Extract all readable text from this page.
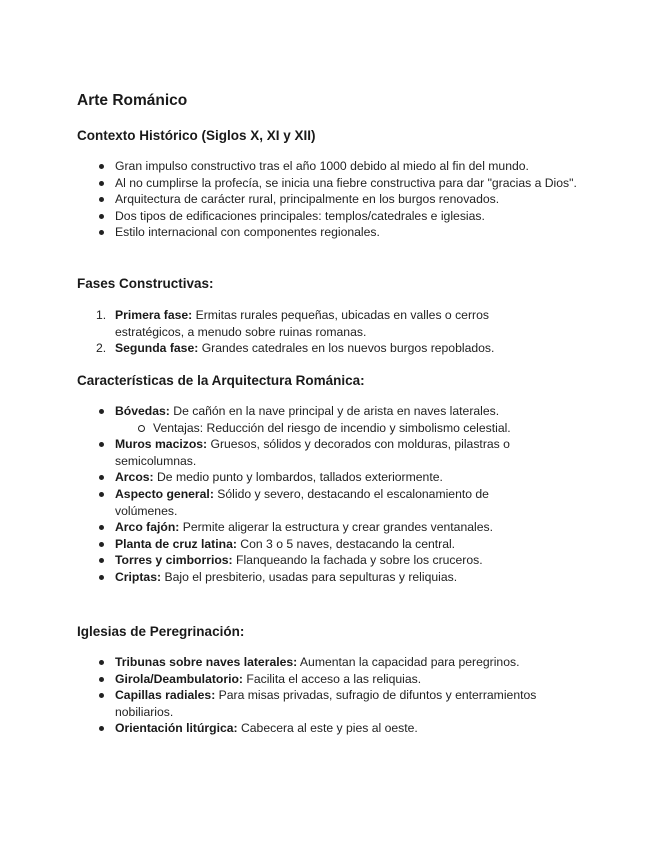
Arte Románico
Contexto Histórico (Siglos X, XI y XII)
Gran impulso constructivo tras el año 1000 debido al miedo al fin del mundo.
Al no cumplirse la profecía, se inicia una fiebre constructiva para dar "gracias a Dios".
Arquitectura de carácter rural, principalmente en los burgos renovados.
Dos tipos de edificaciones principales: templos/catedrales e iglesias.
Estilo internacional con componentes regionales.
Fases Constructivas:
1. Primera fase: Ermitas rurales pequeñas, ubicadas en valles o cerros estratégicos, a menudo sobre ruinas romanas.
2. Segunda fase: Grandes catedrales en los nuevos burgos repoblados.
Características de la Arquitectura Románica:
Bóvedas: De cañón en la nave principal y de arista en naves laterales.
Ventajas: Reducción del riesgo de incendio y simbolismo celestial.
Muros macizos: Gruesos, sólidos y decorados con molduras, pilastras o semicolumnas.
Arcos: De medio punto y lombardos, tallados exteriormente.
Aspecto general: Sólido y severo, destacando el escalonamiento de volúmenes.
Arco fajón: Permite aligerar la estructura y crear grandes ventanales.
Planta de cruz latina: Con 3 o 5 naves, destacando la central.
Torres y cimborrios: Flanqueando la fachada y sobre los cruceros.
Criptas: Bajo el presbiterio, usadas para sepulturas y reliquias.
Iglesias de Peregrinación:
Tribunas sobre naves laterales: Aumentan la capacidad para peregrinos.
Girola/Deambulatorio: Facilita el acceso a las reliquias.
Capillas radiales: Para misas privadas, sufragio de difuntos y enterramientos nobiliarios.
Orientación litúrgica: Cabecera al este y pies al oeste.
